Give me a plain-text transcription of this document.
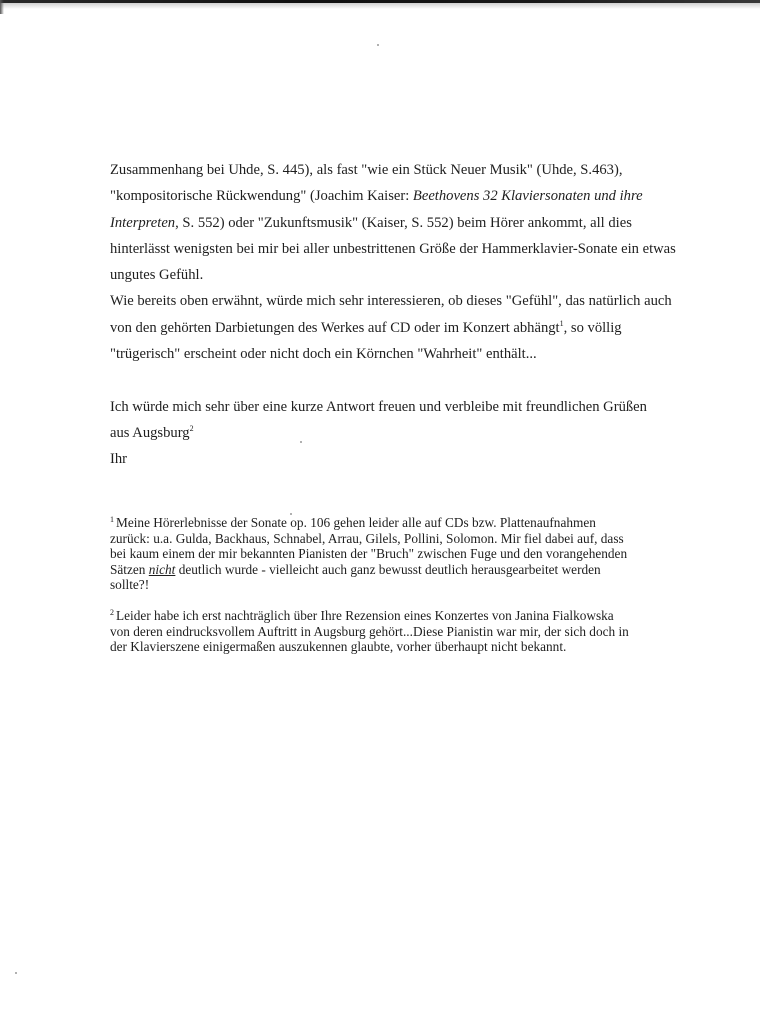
Zusammenhang bei Uhde, S. 445), als fast "wie ein Stück Neuer Musik" (Uhde, S.463),
"kompositorische Rückwendung" (Joachim Kaiser: Beethovens 32 Klaviersonaten und ihre
Interpreten, S. 552) oder "Zukunftsmusik" (Kaiser, S. 552) beim Hörer ankommt, all dies
hinterlässt wenigsten bei mir bei aller unbestrittenen Größe der Hammerklavier-Sonate ein etwas
ungutes Gefühl.
Wie bereits oben erwähnt, würde mich sehr interessieren, ob dieses "Gefühl", das natürlich auch
von den gehörten Darbietungen des Werkes auf CD oder im Konzert abhängt$^1$, so völlig
"trügerisch" erscheint oder nicht doch ein Körnchen "Wahrheit" enthält...
Ich würde mich sehr über eine kurze Antwort freuen und verbleibe mit freundlichen Grüßen
aus Augsburg$^2$
Ihr
$^1$ Meine Hörerlebnisse der Sonate op. 106 gehen leider alle auf CDs bzw. Plattenaufnahmen
zurück: u.a. Gulda, Backhaus, Schnabel, Arrau, Gilels, Pollini, Solomon. Mir fiel dabei auf, dass
bei kaum einem der mir bekannten Pianisten der "Bruch" zwischen Fuge und den vorangehenden
Sätzen nicht deutlich wurde - vielleicht auch ganz bewusst deutlich herausgearbeitet werden
sollte?!
$^2$ Leider habe ich erst nachträglich über Ihre Rezension eines Konzertes von Janina Fialkowska
von deren eindrucksvollem Auftritt in Augsburg gehört...Diese Pianistin war mir, der sich doch in
der Klavierszene einigermaßen auszukennen glaubte, vorher überhaupt nicht bekannt.
